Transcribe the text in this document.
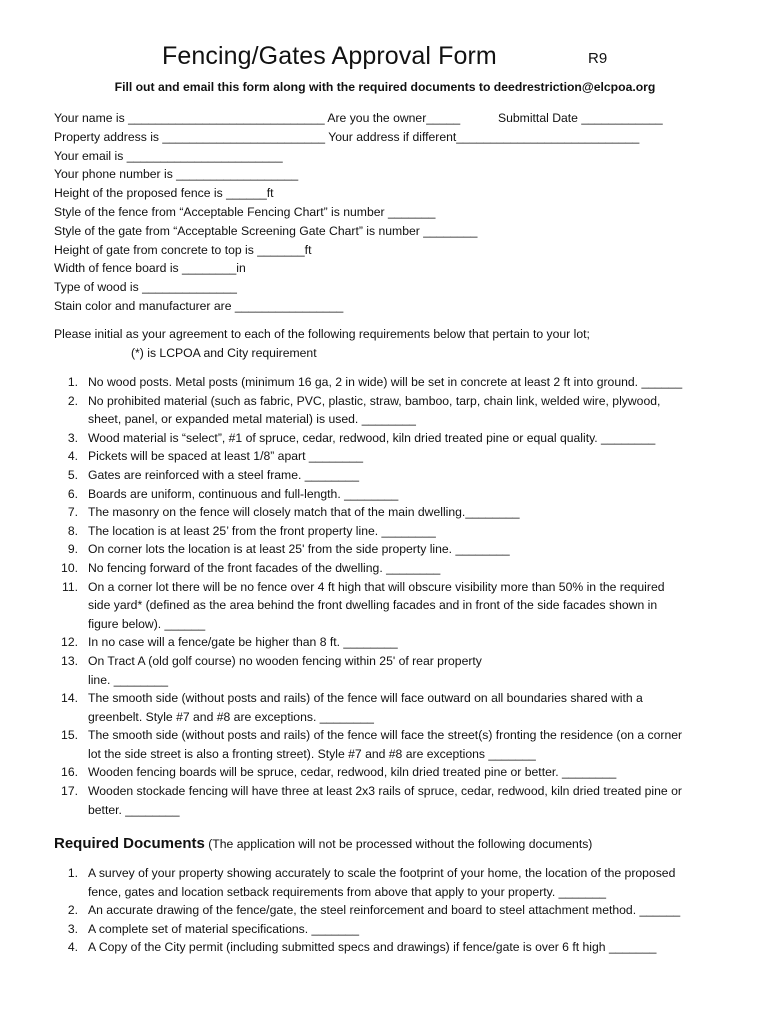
Fencing/Gates Approval Form	R9
Fill out and email this form along with the required documents to deedrestriction@elcpoa.org
Your name is _____________________________ Are you the owner_____	Submittal Date ____________
Property address is ________________________ Your address if different___________________________
Your email is _______________________
Your phone number is __________________
Height of the proposed fence is ______ft
Style of the fence from “Acceptable Fencing Chart” is number _______
Style of the gate from “Acceptable Screening Gate Chart” is number ________
Height of gate from concrete to top is _______ft
Width of fence board is ________in
Type of wood is ______________
Stain color and manufacturer are ________________
Please initial as your agreement to each of the following requirements below that pertain to your lot;
(*) is LCPOA and City requirement
1. No wood posts. Metal posts (minimum 16 ga, 2 in wide) will be set in concrete at least 2 ft into ground. ______
2. No prohibited material (such as fabric, PVC, plastic, straw, bamboo, tarp, chain link, welded wire, plywood,
sheet, panel, or expanded metal material) is used. ________
3. Wood material is “select”, #1 of spruce, cedar, redwood, kiln dried treated pine or equal quality. ________
4. Pickets will be spaced at least 1/8” apart ________
5. Gates are reinforced with a steel frame. ________
6. Boards are uniform, continuous and full-length. ________
7. The masonry on the fence will closely match that of the main dwelling.________
8. The location is at least 25’ from the front property line. ________
9. On corner lots the location is at least 25' from the side property line. ________
10. No fencing forward of the front facades of the dwelling. ________
11. On a corner lot there will be no fence over 4 ft high that will obscure visibility more than 50% in the required
side yard* (defined as the area behind the front dwelling facades and in front of the side facades shown in
figure below). ______
12. In no case will a fence/gate be higher than 8 ft. ________
13. On Tract A (old golf course) no wooden fencing within 25' of rear property
line. ________
14. The smooth side (without posts and rails) of the fence will face outward on all boundaries shared with a
greenbelt. Style #7 and #8 are exceptions. ________
15. The smooth side (without posts and rails) of the fence will face the street(s) fronting the residence (on a corner
lot the side street is also a fronting street). Style #7 and #8 are exceptions _______
16. Wooden fencing boards will be spruce, cedar, redwood, kiln dried treated pine or better. ________
17. Wooden stockade fencing will have three at least 2x3 rails of spruce, cedar, redwood, kiln dried treated pine or
better. ________
Required Documents (The application will not be processed without the following documents)
1. A survey of your property showing accurately to scale the footprint of your home, the location of the proposed
fence, gates and location setback requirements from above that apply to your property. _______
2. An accurate drawing of the fence/gate, the steel reinforcement and board to steel attachment method. ______
3. A complete set of material specifications. _______
4. A Copy of the City permit (including submitted specs and drawings) if fence/gate is over 6 ft high _______
